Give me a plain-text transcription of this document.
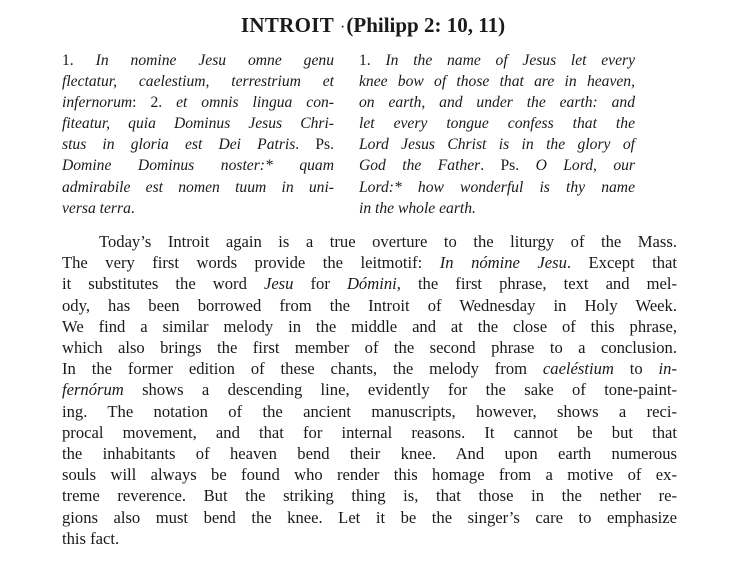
INTROIT ·(Philipp 2: 10, 11)
1. In nomine Jesu omne genu
flectatur, caelestium, terrestrium et
infernorum: 2. et omnis lingua con-
fiteatur, quia Dominus Jesus Chri-
stus in gloria est Dei Patris. Ps.
Domine Dominus noster:* quam
admirabile est nomen tuum in uni-
versa terra.
1. In the name of Jesus let every
knee bow of those that are in heaven,
on earth, and under the earth: and
let every tongue confess that the
Lord Jesus Christ is in the glory of
God the Father. Ps. O Lord, our
Lord:* how wonderful is thy name
in the whole earth.
Today’s Introit again is a true overture to the liturgy of the Mass.
The very first words provide the leitmotif: In nómine Jesu. Except that
it substitutes the word Jesu for Dómini, the first phrase, text and mel-
ody, has been borrowed from the Introit of Wednesday in Holy Week.
We find a similar melody in the middle and at the close of this phrase,
which also brings the first member of the second phrase to a conclusion.
In the former edition of these chants, the melody from caeléstium to in-
fernórum shows a descending line, evidently for the sake of tone-paint-
ing. The notation of the ancient manuscripts, however, shows a reci-
procal movement, and that for internal reasons. It cannot be but that
the inhabitants of heaven bend their knee. And upon earth numerous
souls will always be found who render this homage from a motive of ex-
treme reverence. But the striking thing is, that those in the nether re-
gions also must bend the knee. Let it be the singer’s care to emphasize
this fact.
